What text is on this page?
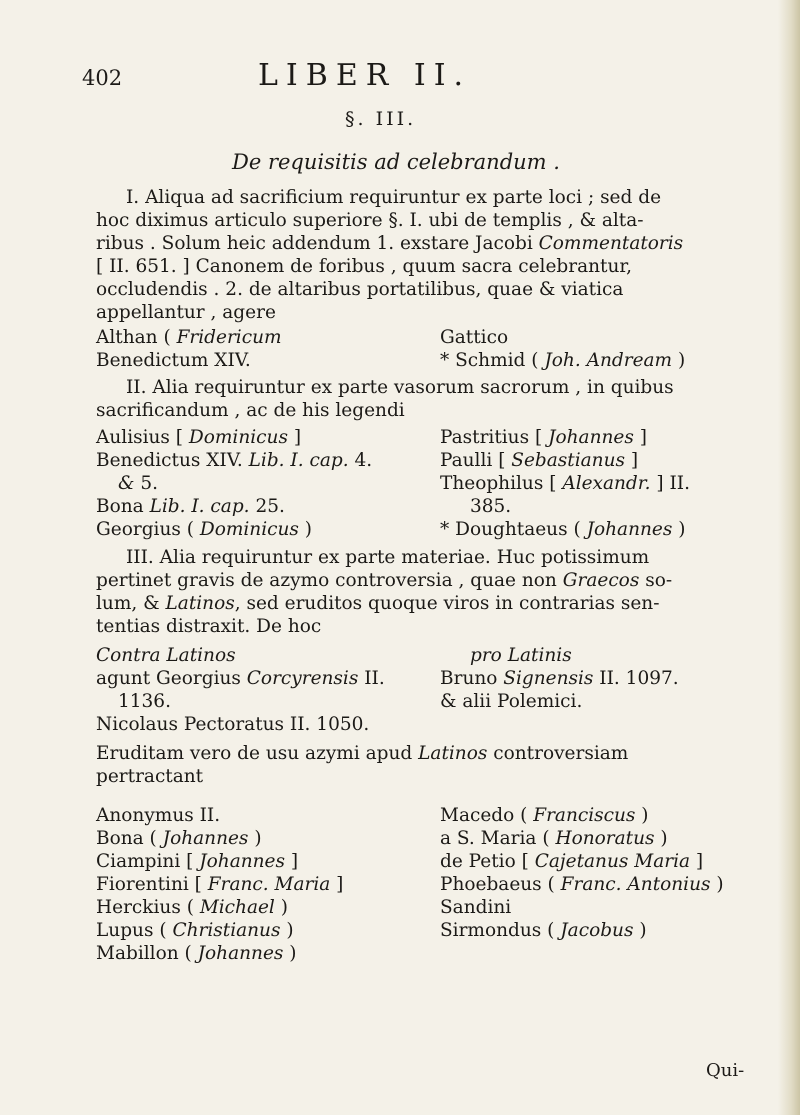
402	LIBER II.
§. III.
De requisitis ad celebrandum .

I. Aliqua ad sacrificium requiruntur ex parte loci ; sed de

hoc diximus articulo superiore §. I. ubi de templis , & alta-

ribus . Solum heic addendum 1. exstare Jacobi Commentatoris

[ II. 651. ] Canonem de foribus , quum sacra celebrantur,

occludendis . 2. de altaribus portatilibus, quae & viatica

appellantur , agere

Althan ( Fridericum
Benedictum XIV.
Gattico
* Schmid ( Joh. Andream )

II. Alia requiruntur ex parte vasorum sacrorum , in quibus

sacrificandum , ac de his legendi

Aulisius [ Dominicus ]
Benedictus XIV. Lib. I. cap. 4.
& 5.
Bona Lib. I. cap. 25.
Georgius ( Dominicus )
Pastritius [ Johannes ]
Paulli [ Sebastianus ]
Theophilus [ Alexandr. ] II.
385.
* Doughtaeus ( Johannes )

III. Alia requiruntur ex parte materiae. Huc potissimum

pertinet gravis de azymo controversia , quae non Graecos so-

lum, & Latinos, sed eruditos quoque viros in contrarias sen-

tentias distraxit. De hoc

Contra Latinos
agunt Georgius Corcyrensis II.
1136.
Nicolaus Pectoratus II. 1050.
pro Latinis
Bruno Signensis II. 1097.
& alii Polemici.

Eruditam vero de usu azymi apud Latinos controversiam

pertractant

Anonymus II.
Bona ( Johannes )
Ciampini [ Johannes ]
Fiorentini [ Franc. Maria ]
Herckius ( Michael )
Lupus ( Christianus )
Mabillon ( Johannes )
Macedo ( Franciscus )
a S. Maria ( Honoratus )
de Petio [ Cajetanus Maria ]
Phoebaeus ( Franc. Antonius )
Sandini
Sirmondus ( Jacobus )
Qui-
